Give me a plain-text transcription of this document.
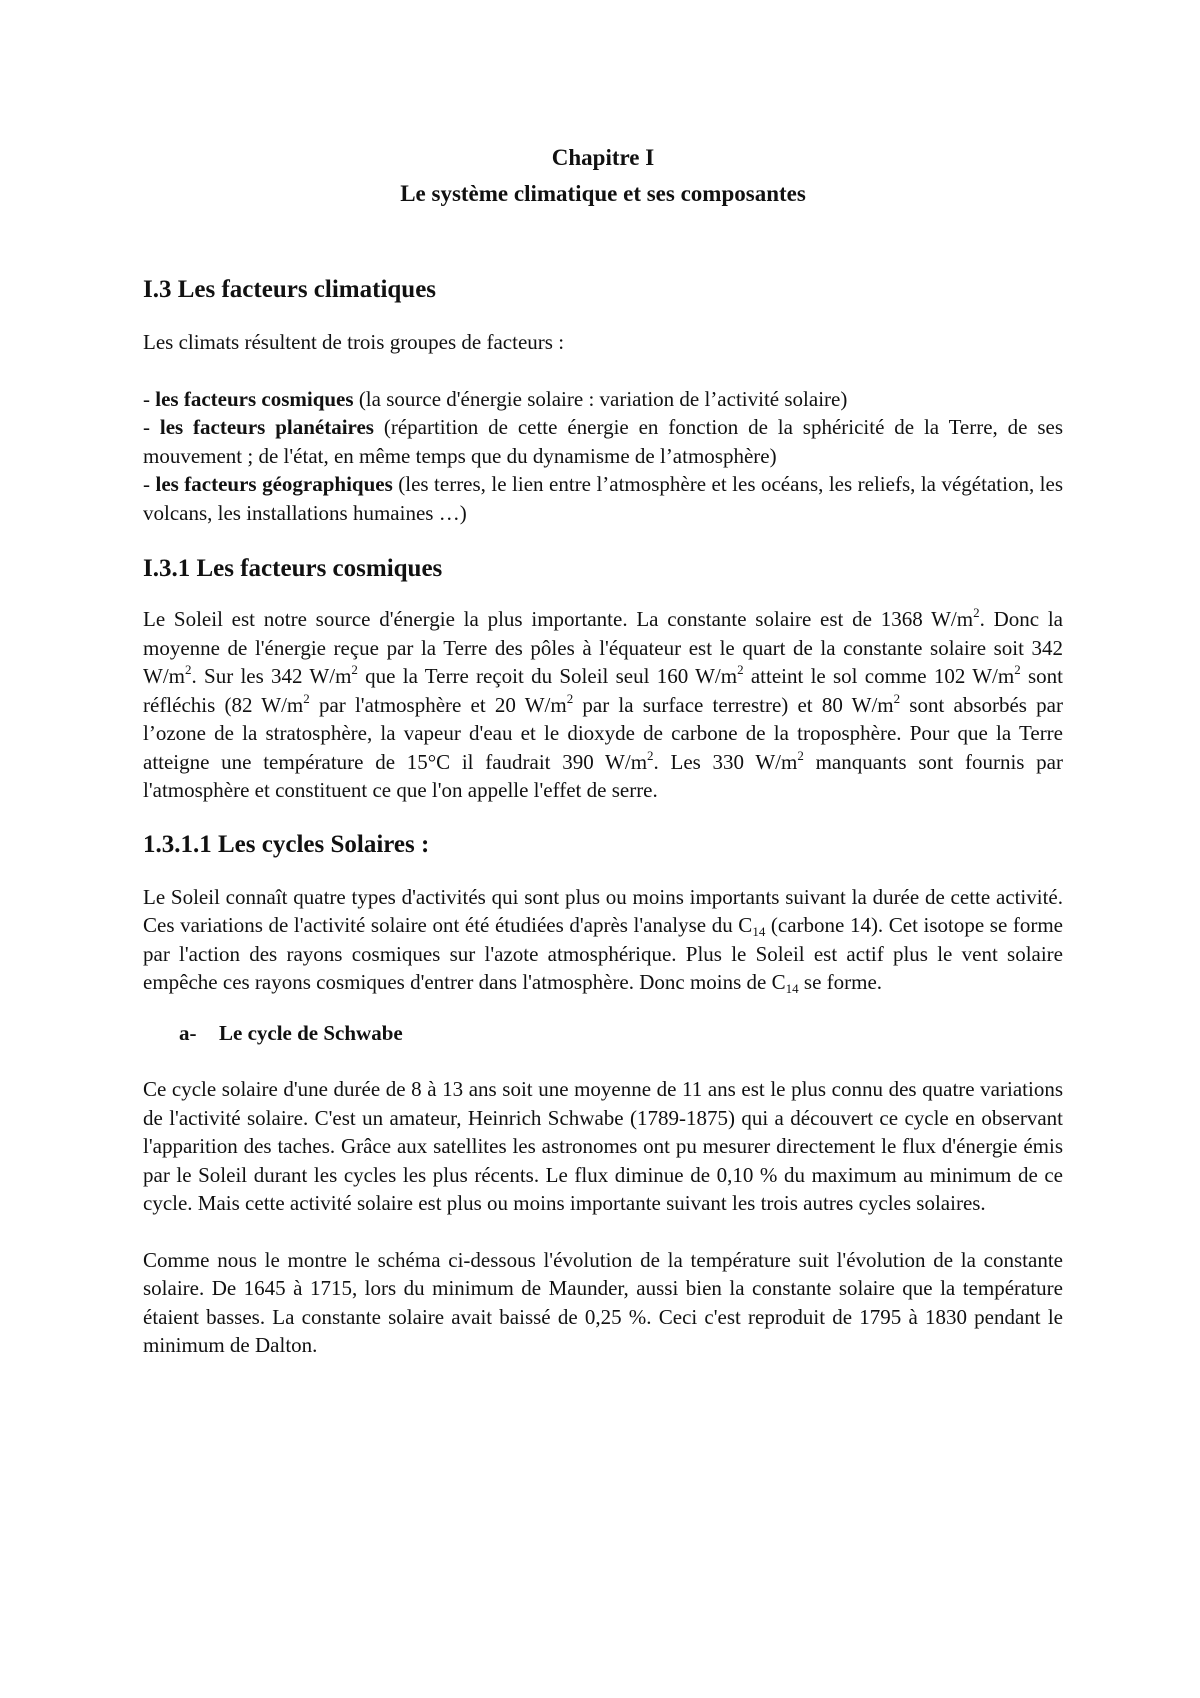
Chapitre I

Le système climatique et ses composantes

I.3 Les facteurs climatiques

Les climats résultent de trois groupes de facteurs :

- les facteurs cosmiques (la source d'énergie solaire : variation de l’activité solaire)

- les facteurs planétaires (répartition de cette énergie en fonction de la sphéricité de la Terre, de ses mouvement ; de l'état, en même temps que du dynamisme de l’atmosphère)

- les facteurs géographiques (les terres, le lien entre l’atmosphère et les océans, les reliefs, la végétation, les volcans, les installations humaines …)

I.3.1 Les facteurs cosmiques

Le Soleil est notre source d'énergie la plus importante. La constante solaire est de 1368 $W/m^2$. Donc la moyenne de l'énergie reçue par la Terre des pôles à l'équateur est le quart de la constante solaire soit 342 $W/m^2$. Sur les 342 $W/m^2$ que la Terre reçoit du Soleil seul 160 $W/m^2$ atteint le sol comme 102 $W/m^2$ sont réfléchis (82 $W/m^2$ par l'atmosphère et 20 $W/m^2$ par la surface terrestre) et 80 $W/m^2$ sont absorbés par l’ozone de la stratosphère, la vapeur d'eau et le dioxyde de carbone de la troposphère. Pour que la Terre atteigne une température de 15°C il faudrait 390 $W/m^2$. Les 330 $W/m^2$ manquants sont fournis par l'atmosphère et constituent ce que l'on appelle l'effet de serre.

1.3.1.1 Les cycles Solaires :

Le Soleil connaît quatre types d'activités qui sont plus ou moins importants suivant la durée de cette activité. Ces variations de l'activité solaire ont été étudiées d'après l'analyse du $C_{14}$ (carbone 14). Cet isotope se forme par l'action des rayons cosmiques sur l'azote atmosphérique. Plus le Soleil est actif plus le vent solaire empêche ces rayons cosmiques d'entrer dans l'atmosphère. Donc moins de $C_{14}$ se forme.

a- Le cycle de Schwabe

Ce cycle solaire d'une durée de 8 à 13 ans soit une moyenne de 11 ans est le plus connu des quatre variations de l'activité solaire. C'est un amateur, Heinrich Schwabe (1789-1875) qui a découvert ce cycle en observant l'apparition des taches. Grâce aux satellites les astronomes ont pu mesurer directement le flux d'énergie émis par le Soleil durant les cycles les plus récents. Le flux diminue de 0,10 % du maximum au minimum de ce cycle. Mais cette activité solaire est plus ou moins importante suivant les trois autres cycles solaires.

Comme nous le montre le schéma ci-dessous l'évolution de la température suit l'évolution de la constante solaire. De 1645 à 1715, lors du minimum de Maunder, aussi bien la constante solaire que la température étaient basses. La constante solaire avait baissé de 0,25 %. Ceci c'est reproduit de 1795 à 1830 pendant le minimum de Dalton.
